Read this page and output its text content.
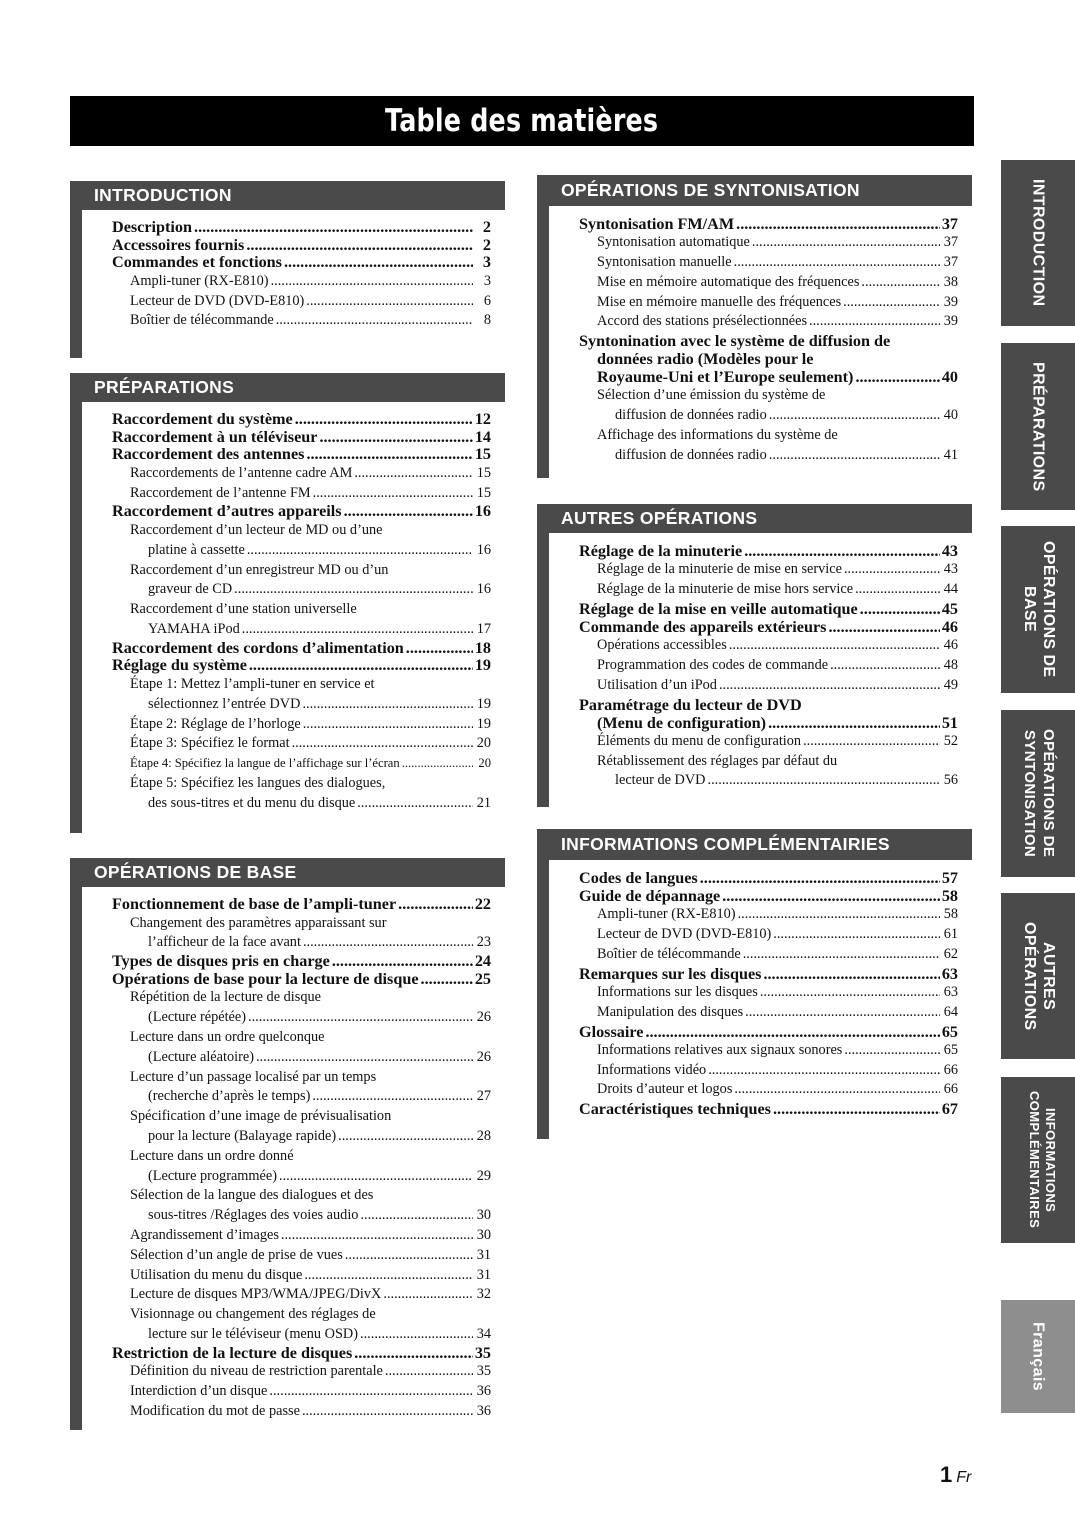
Table des matières
INTRODUCTION
Description .....	2
Accessoires fournis .....	2
Commandes et fonctions .....	3
Ampli-tuner (RX-E810) .....	3
Lecteur de DVD (DVD-E810) .....	6
Boîtier de télécommande .....	8
PRÉPARATIONS
Raccordement du système .....	12
Raccordement à un téléviseur .....	14
Raccordement des antennes .....	15
Raccordements de l’antenne cadre AM .....	15
Raccordement de l’antenne FM .....	15
Raccordement d’autres appareils .....	16
Raccordement d’un lecteur de MD ou d’une
platine à cassette .....	16
Raccordement d’un enregistreur MD ou d’un
graveur de CD .....	16
Raccordement d’une station universelle
YAMAHA iPod .....	17
Raccordement des cordons d’alimentation .....	18
Réglage du système .....	19
Étape 1: Mettez l’ampli-tuner en service et
sélectionnez l’entrée DVD .....	19
Étape 2: Réglage de l’horloge .....	19
Étape 3: Spécifiez le format .....	20
Étape 4: Spécifiez la langue de l’affichage sur l’écran .....	20
Étape 5: Spécifiez les langues des dialogues,
des sous-titres et du menu du disque .....	21
OPÉRATIONS DE BASE
Fonctionnement de base de l’ampli-tuner .....	22
Changement des paramètres apparaissant sur
l’afficheur de la face avant .....	23
Types de disques pris en charge .....	24
Opérations de base pour la lecture de disque .....	25
Répétition de la lecture de disque
(Lecture répétée) .....	26
Lecture dans un ordre quelconque
(Lecture aléatoire) .....	26
Lecture d’un passage localisé par un temps
(recherche d’après le temps) .....	27
Spécification d’une image de prévisualisation
pour la lecture (Balayage rapide) .....	28
Lecture dans un ordre donné
(Lecture programmée) .....	29
Sélection de la langue des dialogues et des
sous-titres /Réglages des voies audio .....	30
Agrandissement d’images .....	30
Sélection d’un angle de prise de vues .....	31
Utilisation du menu du disque .....	31
Lecture de disques MP3/WMA/JPEG/DivX .....	32
Visionnage ou changement des réglages de
lecture sur le téléviseur (menu OSD) .....	34
Restriction de la lecture de disques .....	35
Définition du niveau de restriction parentale .....	35
Interdiction d’un disque .....	36
Modification du mot de passe .....	36
OPÉRATIONS DE SYNTONISATION
Syntonisation FM/AM .....	37
Syntonisation automatique .....	37
Syntonisation manuelle .....	37
Mise en mémoire automatique des fréquences .....	38
Mise en mémoire manuelle des fréquences .....	39
Accord des stations présélectionnées .....	39
Syntonination avec le système de diffusion de
données radio (Modèles pour le
Royaume-Uni et l’Europe seulement) .....	40
Sélection d’une émission du système de
diffusion de données radio .....	40
Affichage des informations du système de
diffusion de données radio .....	41
AUTRES OPÉRATIONS
Réglage de la minuterie .....	43
Réglage de la minuterie de mise en service .....	43
Réglage de la minuterie de mise hors service .....	44
Réglage de la mise en veille automatique .....	45
Commande des appareils extérieurs .....	46
Opérations accessibles .....	46
Programmation des codes de commande .....	48
Utilisation d’un iPod .....	49
Paramétrage du lecteur de DVD
(Menu de configuration) .....	51
Éléments du menu de configuration .....	52
Rétablissement des réglages par défaut du
lecteur de DVD .....	56
INFORMATIONS COMPLÉMENTAIRIES
Codes de langues .....	57
Guide de dépannage .....	58
Ampli-tuner (RX-E810) .....	58
Lecteur de DVD (DVD-E810) .....	61
Boîtier de télécommande .....	62
Remarques sur les disques .....	63
Informations sur les disques .....	63
Manipulation des disques .....	64
Glossaire .....	65
Informations relatives aux signaux sonores .....	65
Informations vidéo .....	66
Droits d’auteur et logos .....	66
Caractéristiques techniques .....	67
INTRODUCTION
PRÉPARATIONS
OPÉRATIONS DE BASE
OPÉRATIONS DE SYNTONISATION
AUTRES OPÉRATIONS
INFORMATIONS COMPLÉMENTAIRES
Français
1 Fr
